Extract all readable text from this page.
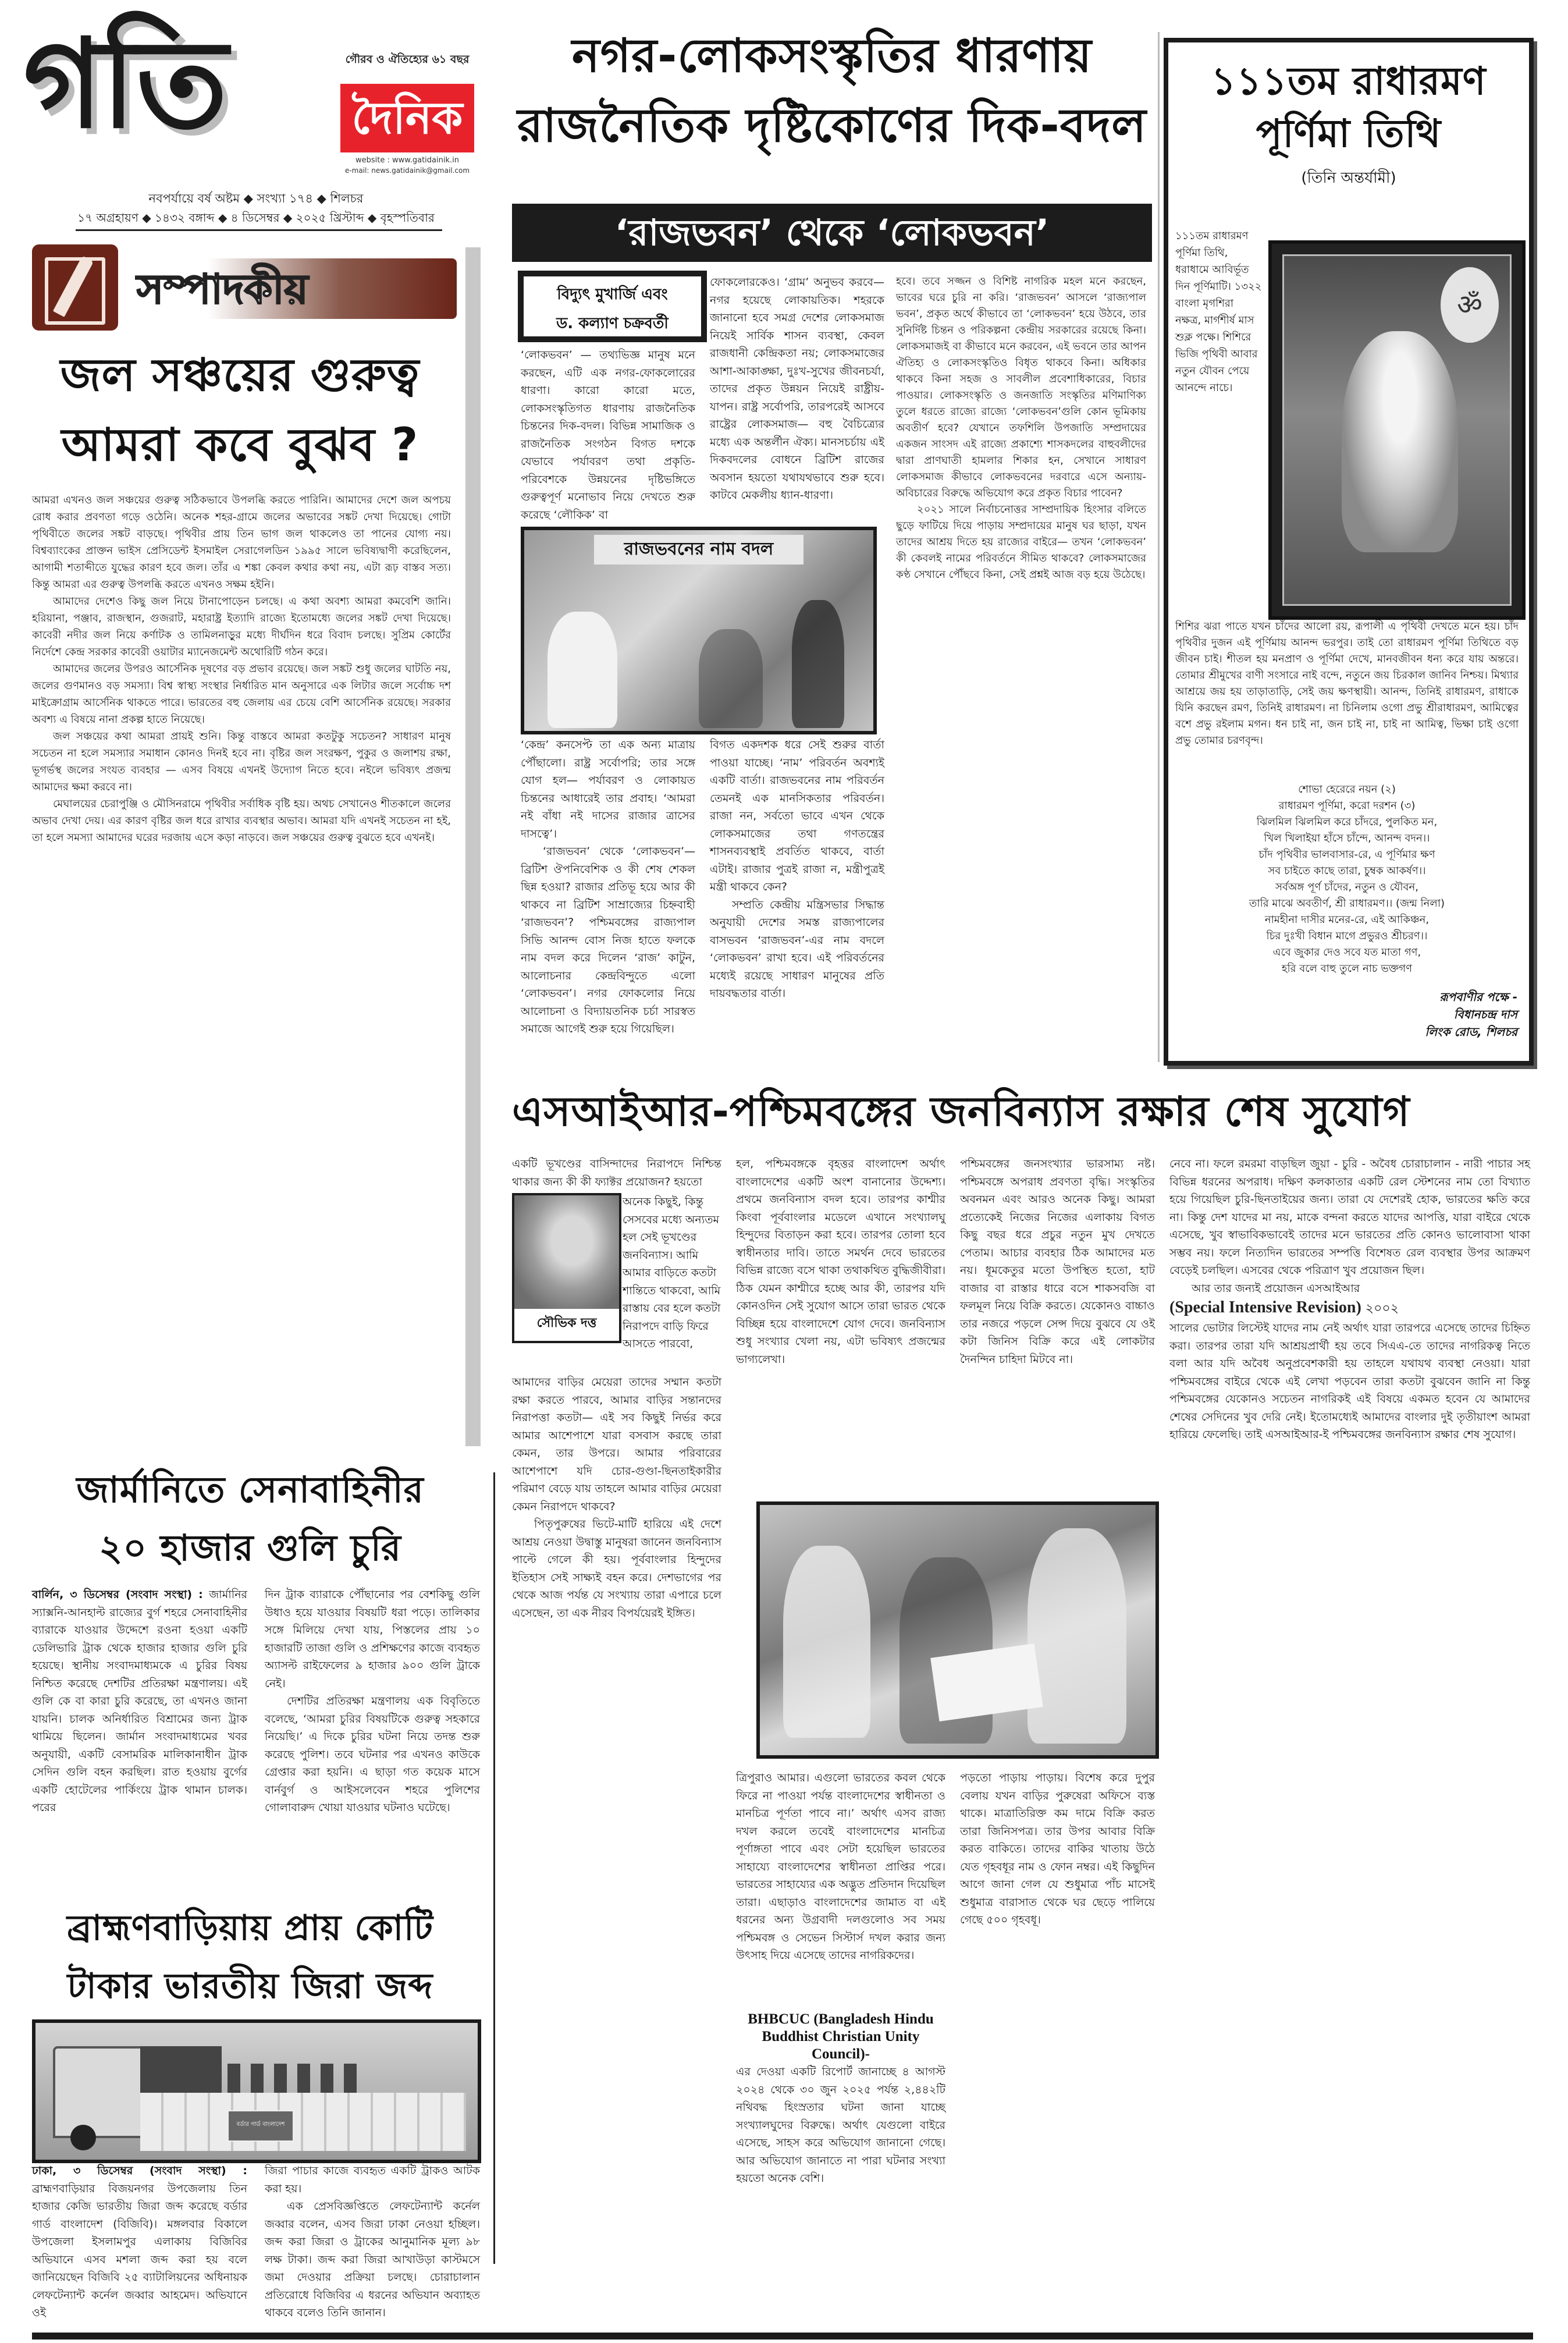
গতি	গৌরব ও ঐতিহ্যের ৬১ বছর
দৈনিক
website : www.gatidainik.in
e-mail: news.gatidainik@gmail.com
নবপর্যায়ে বর্ষ অষ্টম ◆ সংখ্যা ১৭৪ ◆ শিলচর
১৭ অগ্রহায়ণ ◆ ১৪৩২ বঙ্গাব্দ ◆ ৪ ডিসেম্বর ◆ ২০২৫ খ্রিস্টাব্দ ◆ বৃহস্পতিবার
সম্পাদকীয়
জল সঞ্চয়ের গুরুত্ব
আমরা কবে বুঝব ?

আমরা এখনও জল সঞ্চয়ের গুরুত্ব সঠিকভাবে উপলব্ধি করতে পারিনি। আমাদের দেশে জল অপচয় রোধ করার প্রবণতা গড়ে ওঠেনি। অনেক শহর-গ্রামে জলের অভাবের সঙ্কট দেখা দিয়েছে। গোটা পৃথিবীতে জলের সঙ্কট বাড়ছে। পৃথিবীর প্রায় তিন ভাগ জল থাকলেও তা পানের যোগ্য নয়। বিশ্বব্যাংকের প্রাক্তন ভাইস প্রেসিডেন্ট ইসমাইল সেরাগেলডিন ১৯৯৫ সালে ভবিষ্যদ্বাণী করেছিলেন, আগামী শতাব্দীতে যুদ্ধের কারণ হবে জল। তাঁর এ শঙ্কা কেবল কথার কথা নয়, এটা রূঢ় বাস্তব সত্য। কিন্তু আমরা এর গুরুত্ব উপলব্ধি করতে এখনও সক্ষম হইনি।

আমাদের দেশেও কিছু জল নিয়ে টানাপোড়েন চলছে। এ কথা অবশ্য আমরা কমবেশি জানি। হরিয়ানা, পঞ্জাব, রাজস্থান, গুজরাট, মহারাষ্ট্র ইত্যাদি রাজ্যে ইতোমধ্যে জলের সঙ্কট দেখা দিয়েছে। কাবেরী নদীর জল নিয়ে কর্ণাটক ও তামিলনাড়ুর মধ্যে দীর্ঘদিন ধরে বিবাদ চলছে। সুপ্রিম কোর্টের নির্দেশে কেন্দ্র সরকার কাবেরী ওয়াটার ম্যানেজমেন্ট অথোরিটি গঠন করে।

আমাদের জলের উপরও আর্সেনিক দূষণের বড় প্রভাব রয়েছে। জল সঙ্কট শুধু জলের ঘাটতি নয়, জলের গুণমানও বড় সমস্যা। বিশ্ব স্বাস্থ্য সংস্থার নির্ধারিত মান অনুসারে এক লিটার জলে সর্বোচ্চ দশ মাইক্রোগ্রাম আর্সেনিক থাকতে পারে। ভারতের বহু জেলায় এর চেয়ে বেশি আর্সেনিক রয়েছে। সরকার অবশ্য এ বিষয়ে নানা প্রকল্প হাতে নিয়েছে।

জল সঞ্চয়ের কথা আমরা প্রায়ই শুনি। কিন্তু বাস্তবে আমরা কতটুকু সচেতন? সাধারণ মানুষ সচেতন না হলে সমস্যার সমাধান কোনও দিনই হবে না। বৃষ্টির জল সংরক্ষণ, পুকুর ও জলাশয় রক্ষা, ভূগর্ভস্থ জলের সংযত ব্যবহার — এসব বিষয়ে এখনই উদ্যোগ নিতে হবে। নইলে ভবিষ্যৎ প্রজন্ম আমাদের ক্ষমা করবে না।

মেঘালয়ের চেরাপুঞ্জি ও মৌসিনরামে পৃথিবীর সর্বাধিক বৃষ্টি হয়। অথচ সেখানেও শীতকালে জলের অভাব দেখা দেয়। এর কারণ বৃষ্টির জল ধরে রাখার ব্যবস্থার অভাব। আমরা যদি এখনই সচেতন না হই, তা হলে সমস্যা আমাদের ঘরের দরজায় এসে কড়া নাড়বে। জল সঞ্চয়ের গুরুত্ব বুঝতে হবে এখনই।

নগর-লোকসংস্কৃতির ধারণায়
রাজনৈতিক দৃষ্টিকোণের দিক-বদল
‘রাজভবন’ থেকে ‘লোকভবন’
বিদ্যুৎ মুখার্জি এবং
ড. কল্যাণ চক্রবর্তী

‘লোকভবন’ — তথ্যভিজ্ঞ মানুষ মনে করছেন, এটি এক নগর-ফোকলোরের ধারণা। কারো কারো মতে, লোকসংস্কৃতিগত ধারণায় রাজনৈতিক চিন্তনের দিক-বদল। বিভিন্ন সামাজিক ও রাজনৈতিক সংগঠন বিগত দশকে যেভাবে পর্যাবরণ তথা প্রকৃতি-পরিবেশকে উন্নয়নের দৃষ্টিভঙ্গিতে গুরুত্বপূর্ণ মনোভাব নিয়ে দেখতে শুরু করেছে ‘লৌকিক’ বা

রাজভবনের নাম বদল

‘কেন্দ্র’ কনসেপ্ট তা এক অন্য মাত্রায় পৌঁছালো। রাষ্ট্র সর্বোপরি; তার সঙ্গে যোগ হল— পর্যাবরণ ও লোকায়ত চিন্তনের আধারেই তার প্রবাহ। ‘আমরা নই বাঁধা নই দাসের রাজার ত্রাসের দাসত্বে’।

‘রাজভবন’ থেকে ‘লোকভবন’— ব্রিটিশ ঔপনিবেশিক ও কী শেষ শেকল ছিন্ন হওয়া? রাজার প্রতিভূ হয়ে আর কী থাকবে না ব্রিটিশ সাম্রাজ্যের চিহ্নবাহী ‘রাজভবন’? পশ্চিমবঙ্গের রাজ্যপাল সিভি আনন্দ বোস নিজ হাতে ফলকে নাম বদল করে দিলেন ‘রাজ’ কাটুন, আলোচনার কেন্দ্রবিন্দুতে এলো ‘লোকভবন’। নগর ফোকলোর নিয়ে আলোচনা ও বিদ্যায়তনিক চর্চা সারস্বত সমাজে আগেই শুরু হয়ে গিয়েছিল।

ফোকলোরকেও। ‘গ্রাম’ অনুভব করবে— নগর হয়েছে লোকায়তিক। শহরকে জানানো হবে সমগ্র দেশের লোকসমাজ নিয়েই সার্বিক শাসন ব্যবস্থা, কেবল রাজধানী কেন্দ্রিকতা নয়; লোকসমাজের আশা-আকাঙ্ক্ষা, দুঃখ-সুখের জীবনচর্যা, তাদের প্রকৃত উন্নয়ন নিয়েই রাষ্ট্রীয়-যাপন। রাষ্ট্র সর্বোপরি, তারপরেই আসবে রাষ্ট্রের লোকসমাজ— বহু বৈচিত্র্যের মধ্যে এক অন্তর্লীন ঐক্য। মানসচর্চায় এই দিকবদলের বোধনে ব্রিটিশ রাজের অবসান হয়তো যথাযথভাবে শুরু হবে। কাটবে মেকলীয় ধ্যান-ধারণা।

বিগত একদশক ধরে সেই শুরুর বার্তা পাওয়া যাচ্ছে। ‘নাম’ পরিবর্তন অবশ্যই একটি বার্তা। রাজভবনের নাম পরিবর্তন তেমনই এক মানসিকতার পরিবর্তন। রাজা নন, সর্বতো ভাবে এখন থেকে লোকসমাজের তথা গণতন্ত্রের শাসনব্যবস্থাই প্রবর্তিত থাকবে, বার্তা এটাই। রাজার পুত্রই রাজা ন, মন্ত্রীপুত্রই মন্ত্রী থাকবে কেন?

সম্প্রতি কেন্দ্রীয় মন্ত্রিসভার সিদ্ধান্ত অনুযায়ী দেশের সমস্ত রাজ্যপালের বাসভবন ‘রাজভবন’-এর নাম বদলে ‘লোকভবন’ রাখা হবে। এই পরিবর্তনের মধ্যেই রয়েছে সাধারণ মানুষের প্রতি দায়বদ্ধতার বার্তা।

হবে। তবে সজ্জন ও বিশিষ্ট নাগরিক মহল মনে করছেন, ভাবের ঘরে চুরি না করি। ‘রাজভবন’ আসলে ‘রাজ্যপাল ভবন’, প্রকৃত অর্থে কীভাবে তা ‘লোকভবন’ হয়ে উঠবে, তার সুনির্দিষ্ট চিন্তন ও পরিকল্পনা কেন্দ্রীয় সরকারের রয়েছে কিনা। লোকসমাজই বা কীভাবে মনে করবেন, এই ভবনে তার আপন ঐতিহ্য ও লোকসংস্কৃতিও বিধৃত থাকবে কিনা। অধিকার থাকবে কিনা সহজ ও সাবলীল প্রবেশাধিকারের, বিচার পাওয়ার। লোকসংস্কৃতি ও জনজাতি সংস্কৃতির মণিমাণিক্য তুলে ধরতে রাজ্যে রাজ্যে ‘লোকভবন’গুলি কোন ভূমিকায় অবতীর্ণ হবে? যেখানে তফশিলি উপজাতি সম্প্রদায়ের একজন সাংসদ এই রাজ্যে প্রকাশ্যে শাসকদলের বাহুবলীদের দ্বারা প্রাণঘাতী হামলার শিকার হন, সেখানে সাধারণ লোকসমাজ কীভাবে লোকভবনের দরবারে এসে অন্যায়-অবিচারের বিরুদ্ধে অভিযোগ করে প্রকৃত বিচার পাবেন?

২০২১ সালে নির্বাচনোত্তর সাম্প্রদায়িক হিংসার বলিতে ছুড়ে ফাটিয়ে দিয়ে পাড়ায় সম্প্রদায়ের মানুষ ঘর ছাড়া, যখন তাদের আশ্রয় দিতে হয় রাজ্যের বাইরে— তখন ‘লোকভবন’ কী কেবলই নামের পরিবর্তনে সীমিত থাকবে? লোকসমাজের কণ্ঠ সেখানে পৌঁছবে কিনা, সেই প্রশ্নই আজ বড় হয়ে উঠেছে।

১১১তম রাধারমণ
পূর্ণিমা তিথি
(তিনি অন্তর্যামী)
১১১তম রাধারমণ পূর্ণিমা তিথি, ধরাধামে আবির্ভূত দিন পূর্ণিমাটি। ১৩২২ বাংলা মৃগশিরা নক্ষত্র, মার্গশীর্ষ মাস শুক্ল পক্ষে। শিশিরে ভিজি পৃথিবী আবার নতুন যৌবন পেয়ে আনন্দে নাচে।
ॐ
শিশির ঝরা পাতে যখন চাঁদের আলো রয়, রূপালী এ পৃথিবী দেখতে মনে হয়। চাঁদ পৃথিবীর দুজন এই পূর্ণিমায় আনন্দ ভরপুর। তাই তো রাধারমণ পূর্ণিমা তিথিতে বড় জীবন চাই। শীতল হয় মনপ্রাণ ও পূর্ণিমা দেখে, মানবজীবন ধন্য করে যায় অন্তরে। তোমার শ্রীমুখের বাণী সংসারে নাই বন্দে, নতুনে জয় চিরকাল জানিব নিশ্চয়। মিথ্যার আশ্রয়ে জয় হয় তাড়াতাড়ি, সেই জয় ক্ষণস্থায়ী। আনন্দ, তিনিই রাধারমণ, রাধাকে যিনি করছেন রমণ, তিনিই রাধারমণ। না চিনিলাম ওগো প্রভু শ্রীরাধারমণ, আমিত্বের বশে প্রভু রইলাম মগন। ধন চাই না, জন চাই না, চাই না আমিত্ব, ভিক্ষা চাই ওগো প্রভু তোমার চরণবৃন্দ।
শোভা হেরেরে নয়ন (২)
রাধারমণ পূর্ণিমা, করো দরশন (৩)
ঝিলমিল ঝিলমিল করে চাঁদরে, পুলকিত মন,
খিল খিলাইয়া হাঁসে চাঁন্দে, আনন্দ বদন।।
চাঁদ পৃথিবীর ভালবাসার-রে, এ পূর্ণিমার ক্ষণ
সব চাইতে কাছে তারা, চুম্বক আকর্ষণ।।
সর্বঅঙ্গ পূর্ণ চাঁদের, নতুন ও যৌবন,
তারি মাঝে অবতীর্ণ, শ্রী রাধারমণ।। (জন্ম নিলা)
নামহীনা দাসীর মনের-রে, এই আকিঞ্চন,
চির দুঃখী বিধান মাগে প্রভুরও শ্রীচরণ।।
এবে জুকার দেও সবে যত মাতা গণ,
হরি বলে বাহু তুলে নাচ ভক্তগণ
রূপবাণীর পক্ষে -
বিধানচন্দ্র দাস
লিংক রোড, শিলচর
এসআইআর-পশ্চিমবঙ্গের জনবিন্যাস রক্ষার শেষ সুযোগ
একটি ভূখণ্ডের বাসিন্দাদের নিরাপদে নিশ্চিন্ত থাকার জন্য কী কী ফ্যাক্টর প্রয়োজন? হয়তো
সৌভিক দত্ত
অনেক কিছুই, কিন্তু সেসবের মধ্যে অন্যতম হল সেই ভূখণ্ডের জনবিন্যাস। আমি আমার বাড়িতে কতটা শান্তিতে থাকবো, আমি রাস্তায় বের হলে কতটা নিরাপদে বাড়ি ফিরে আসতে পারবো,

আমাদের বাড়ির মেয়েরা তাদের সম্মান কতটা রক্ষা করতে পারবে, আমার বাড়ির সন্তানদের নিরাপত্তা কতটা— এই সব কিছুই নির্ভর করে আমার আশেপাশে যারা বসবাস করছে তারা কেমন, তার উপরে। আমার পরিবারের আশেপাশে যদি চোর-গুণ্ডা-ছিনতাইকারীর পরিমাণ বেড়ে যায় তাহলে আমার বাড়ির মেয়েরা কেমন নিরাপদে থাকবে?

পিতৃপুরুষের ভিটে-মাটি হারিয়ে এই দেশে আশ্রয় নেওয়া উদ্বাস্তু মানুষরা জানেন জনবিন্যাস পাল্টে গেলে কী হয়। পূর্ববাংলার হিন্দুদের ইতিহাস সেই সাক্ষ্যই বহন করে। দেশভাগের পর থেকে আজ পর্যন্ত যে সংখ্যায় তারা এপারে চলে এসেছেন, তা এক নীরব বিপর্যয়েরই ইঙ্গিত।

হল, পশ্চিমবঙ্গকে বৃহত্তর বাংলাদেশ অর্থাৎ বাংলাদেশের একটি অংশ বানানোর উদ্দেশ্য। প্রথমে জনবিন্যাস বদল হবে। তারপর কাশ্মীর কিংবা পূর্ববাংলার মডেলে এখানে সংখ্যালঘু হিন্দুদের বিতাড়ন করা হবে। তারপর তোলা হবে স্বাধীনতার দাবি। তাতে সমর্থন দেবে ভারতের বিভিন্ন রাজ্যে বসে থাকা তথাকথিত বুদ্ধিজীবীরা। ঠিক যেমন কাশ্মীরে হচ্ছে আর কী, তারপর যদি কোনওদিন সেই সুযোগ আসে তারা ভারত থেকে বিচ্ছিন্ন হয়ে বাংলাদেশে যোগ দেবে। জনবিন্যাস শুধু সংখ্যার খেলা নয়, এটা ভবিষ্যৎ প্রজন্মের ভাগ্যলেখা।
ত্রিপুরাও আমার। এগুলো ভারতের কবল থেকে ফিরে না পাওয়া পর্যন্ত বাংলাদেশের স্বাধীনতা ও মানচিত্র পূর্ণতা পাবে না।’ অর্থাৎ এসব রাজ্য দখল করলে তবেই বাংলাদেশের মানচিত্র পূর্ণাঙ্গতা পাবে এবং সেটা হয়েছিল ভারতের সাহায্যে বাংলাদেশের স্বাধীনতা প্রাপ্তির পরে। ভারতের সাহায্যের এক অদ্ভুত প্রতিদান দিয়েছিল তারা। এছাড়াও বাংলাদেশের জামাত বা এই ধরনের অন্য উগ্রবাদী দলগুলোও সব সময় পশ্চিমবঙ্গ ও সেভেন সিস্টার্স দখল করার জন্য উৎসাহ দিয়ে এসেছে তাদের নাগরিকদের।
BHBCUC (Bangladesh Hindu Buddhist Christian Unity Council)-
এর দেওয়া একটি রিপোর্ট জানাচ্ছে ৪ আগস্ট ২০২৪ থেকে ৩০ জুন ২০২৫ পর্যন্ত ২,৪৪২টি নথিবদ্ধ হিংস্রতার ঘটনা জানা যাচ্ছে সংখ্যালঘুদের বিরুদ্ধে। অর্থাৎ যেগুলো বাইরে এসেছে, সাহস করে অভিযোগ জানানো গেছে। আর অভিযোগ জানাতে না পারা ঘটনার সংখ্যা হয়তো অনেক বেশি।
পশ্চিমবঙ্গের জনসংখ্যার ভারসাম্য নষ্ট। পশ্চিমবঙ্গে অপরাধ প্রবণতা বৃদ্ধি। সংস্কৃতির অবনমন এবং আরও অনেক কিছু। আমরা প্রত্যেকেই নিজের নিজের এলাকায় বিগত কিছু বছর ধরে প্রচুর নতুন মুখ দেখতে পেতাম। আচার ব্যবহার ঠিক আমাদের মত নয়। ধূমকেতুর মতো উপস্থিত হতো, হাট বাজার বা রাস্তার ধারে বসে শাকসবজি বা ফলমূল নিয়ে বিক্রি করতে। যেকোনও বাচ্চাও তার নজরে পড়লে সেন্স দিয়ে বুঝবে যে ওই কটা জিনিস বিক্রি করে এই লোকটার দৈনন্দিন চাহিদা মিটবে না।
পড়তো পাড়ায় পাড়ায়। বিশেষ করে দুপুর বেলায় যখন বাড়ির পুরুষেরা অফিসে ব্যস্ত থাকে। মাত্রাতিরিক্ত কম দামে বিক্রি করত তারা জিনিসপত্র। তার উপর আবার বিক্রি করত বাকিতে। তাদের বাকির খাতায় উঠে যেত গৃহবধূর নাম ও ফোন নম্বর। এই কিছুদিন আগে জানা গেল যে শুধুমাত্র পাঁচ মাসেই শুধুমাত্র বারাসাত থেকে ঘর ছেড়ে পালিয়ে গেছে ৫০০ গৃহবধূ।

নেবে না। ফলে রমরমা বাড়ছিল জুয়া - চুরি - অবৈধ চোরাচালান - নারী পাচার সহ বিভিন্ন ধরনের অপরাধ। দক্ষিণ কলকাতার একটি রেল স্টেশনের নাম তো বিখ্যাত হয়ে গিয়েছিল চুরি-ছিনতাইয়ের জন্য। তারা যে দেশেরই হোক, ভারতের ক্ষতি করে না। কিন্তু দেশ যাদের মা নয়, মাকে বন্দনা করতে যাদের আপত্তি, যারা বাইরে থেকে এসেছে, খুব স্বাভাবিকভাবেই তাদের মনে ভারতের প্রতি কোনও ভালোবাসা থাকা সম্ভব নয়। ফলে নিত্যদিন ভারতের সম্পত্তি বিশেষত রেল ব্যবস্থার উপর আক্রমণ বেড়েই চলছিল। এসবের থেকে পরিত্রাণ খুব প্রয়োজন ছিল।

আর তার জন্যই প্রয়োজন এসআইআর

(Special Intensive Revision) ২০০২

সালের ভোটার লিস্টেই যাদের নাম নেই অর্থাৎ যারা তারপরে এসেছে তাদের চিহ্নিত করা। তারপর তারা যদি আশ্রয়প্রার্থী হয় তবে সিএএ-তে তাদের নাগরিকত্ব নিতে বলা আর যদি অবৈধ অনুপ্রবেশকারী হয় তাহলে যথাযথ ব্যবস্থা নেওয়া। যারা পশ্চিমবঙ্গের বাইরে থেকে এই লেখা পড়বেন তারা কতটা বুঝবেন জানি না কিন্তু পশ্চিমবঙ্গের যেকোনও সচেতন নাগরিকই এই বিষয়ে একমত হবেন যে আমাদের শেষের সেদিনের খুব দেরি নেই। ইতোমধ্যেই আমাদের বাংলার দুই তৃতীয়াংশ আমরা হারিয়ে ফেলেছি। তাই এসআইআর-ই পশ্চিমবঙ্গের জনবিন্যাস রক্ষার শেষ সুযোগ।

জার্মানিতে সেনাবাহিনীর
২০ হাজার গুলি চুরি

বার্লিন, ৩ ডিসেম্বর (সংবাদ সংস্থা) : জার্মানির স্যাক্সনি-আনহাল্ট রাজ্যের বুর্গ শহরে সেনাবাহিনীর ব্যারাকে যাওয়ার উদ্দেশে রওনা হওয়া একটি ডেলিভারি ট্রাক থেকে হাজার হাজার গুলি চুরি হয়েছে। স্থানীয় সংবাদমাধ্যমকে এ চুরির বিষয় নিশ্চিত করেছে দেশটির প্রতিরক্ষা মন্ত্রণালয়। এই গুলি কে বা কারা চুরি করেছে, তা এখনও জানা যায়নি। চালক অনির্ধারিত বিশ্রামের জন্য ট্রাক থামিয়ে ছিলেন। জার্মান সংবাদমাধ্যমের খবর অনুযায়ী, একটি বেসামরিক মালিকানাধীন ট্রাক সেদিন গুলি বহন করছিল। রাত হওয়ায় বুর্গের একটি হোটেলের পার্কিংয়ে ট্রাক থামান চালক। পরের

দিন ট্রাক ব্যারাকে পৌঁছানোর পর বেশকিছু গুলি উধাও হয়ে যাওয়ার বিষয়টি ধরা পড়ে। তালিকার সঙ্গে মিলিয়ে দেখা যায়, পিস্তলের প্রায় ১০ হাজারটি তাজা গুলি ও প্রশিক্ষণের কাজে ব্যবহৃত অ্যাসল্ট রাইফেলের ৯ হাজার ৯০০ গুলি ট্রাকে নেই।

দেশটির প্রতিরক্ষা মন্ত্রণালয় এক বিবৃতিতে বলেছে, ‘আমরা চুরির বিষয়টিকে গুরুত্ব সহকারে নিয়েছি।’ এ দিকে চুরির ঘটনা নিয়ে তদন্ত শুরু করেছে পুলিশ। তবে ঘটনার পর এখনও কাউকে গ্রেপ্তার করা হয়নি। এ ছাড়া গত কয়েক মাসে বার্নবুর্গ ও আইসলেবেন শহরে পুলিশের গোলাবারুদ খোয়া যাওয়ার ঘটনাও ঘটেছে।

ব্রাহ্মণবাড়িয়ায় প্রায় কোটি
টাকার ভারতীয় জিরা জব্দ
বর্ডার গার্ড বাংলাদেশ

ঢাকা, ৩ ডিসেম্বর (সংবাদ সংস্থা) : ব্রাহ্মণবাড়িয়ার বিজয়নগর উপজেলায় তিন হাজার কেজি ভারতীয় জিরা জব্দ করেছে বর্ডার গার্ড বাংলাদেশ (বিজিবি)। মঙ্গলবার বিকালে উপজেলা ইসলামপুর এলাকায় বিজিবির অভিযানে এসব মশলা জব্দ করা হয় বলে জানিয়েছেন বিজিবি ২৫ ব্যাটালিয়নের অধিনায়ক লেফটেন্যান্ট কর্নেল জব্বার আহমেদ। অভিযানে ওই

জিরা পাচার কাজে ব্যবহৃত একটি ট্রাকও আটক করা হয়।

এক প্রেসবিজ্ঞপ্তিতে লেফটেন্যান্ট কর্নেল জব্বার বলেন, এসব জিরা ঢাকা নেওয়া হচ্ছিল। জব্দ করা জিরা ও ট্রাকের আনুমানিক মূল্য ৯৮ লক্ষ টাকা। জব্দ করা জিরা আখাউড়া কাস্টমসে জমা দেওয়ার প্রক্রিয়া চলছে। চোরাচালান প্রতিরোধে বিজিবির এ ধরনের অভিযান অব্যাহত থাকবে বলেও তিনি জানান।
